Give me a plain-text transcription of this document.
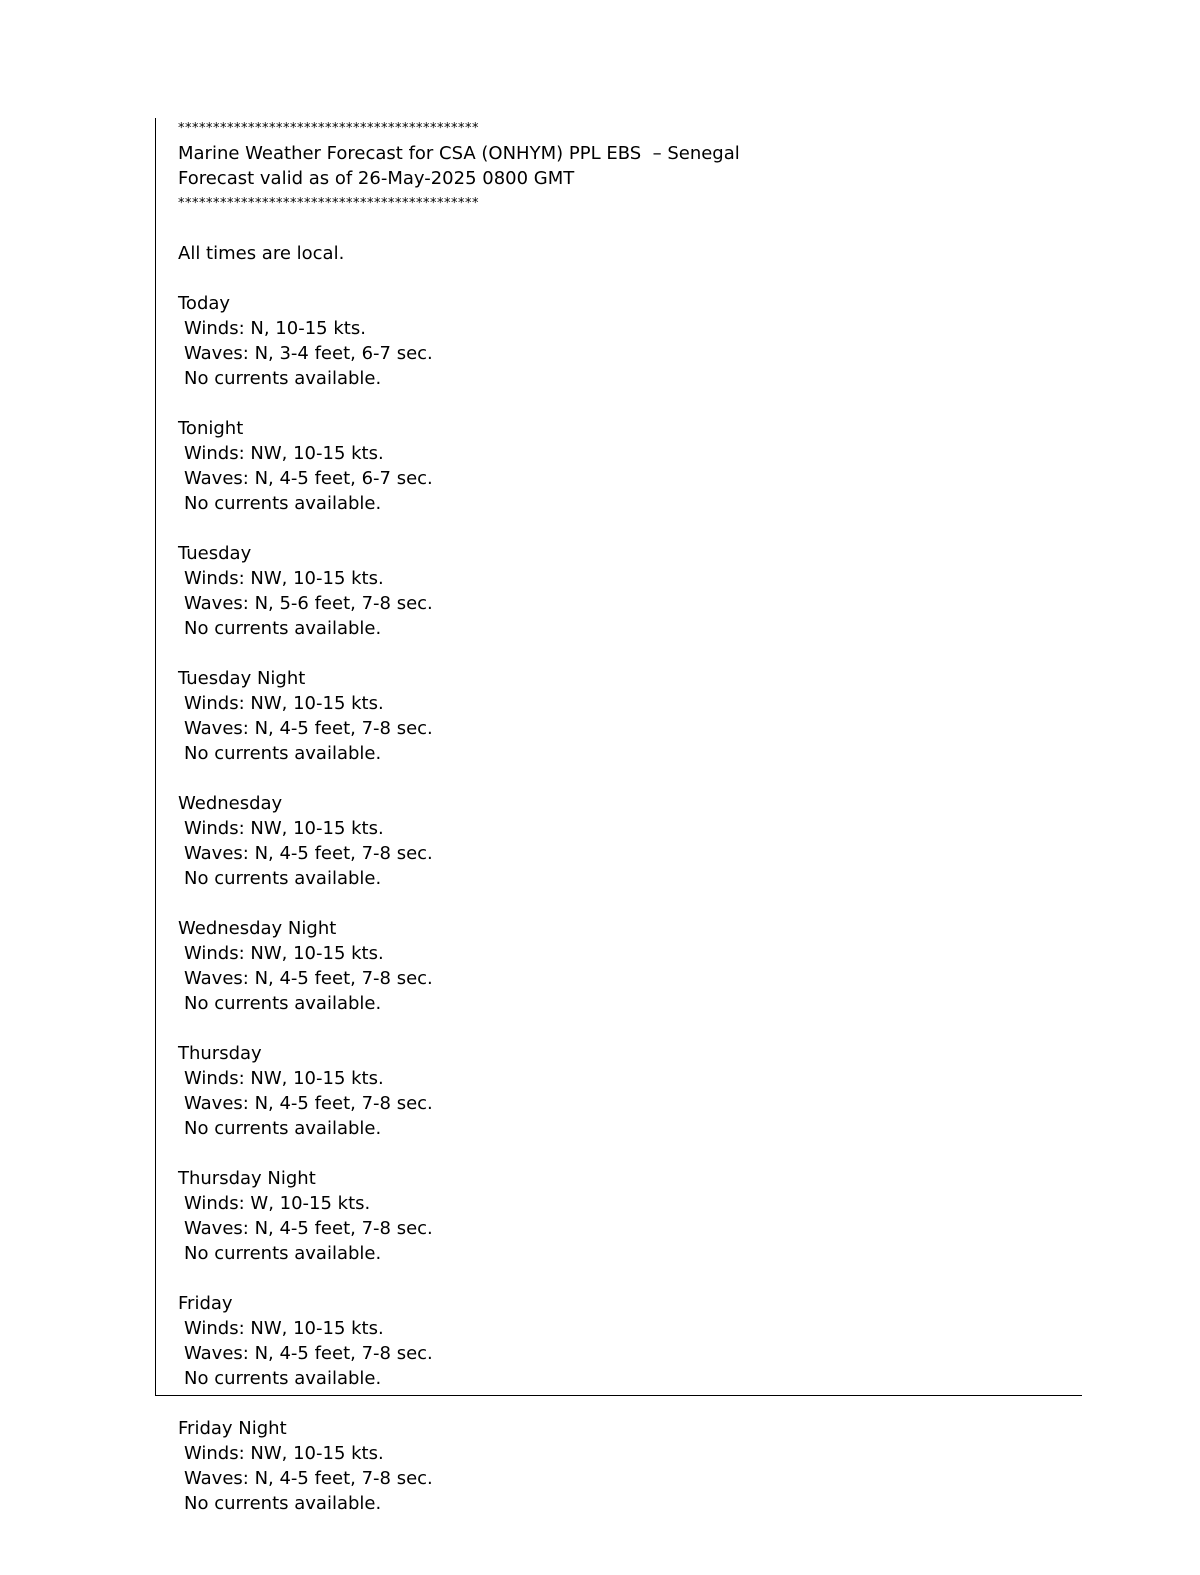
*******************************************
Marine Weather Forecast for CSA (ONHYM) PPL EBS  – Senegal
Forecast valid as of 26-May-2025 0800 GMT
*******************************************
All times are local.
Today
Winds: N, 10-15 kts.
Waves: N, 3-4 feet, 6-7 sec.
No currents available.
Tonight
Winds: NW, 10-15 kts.
Waves: N, 4-5 feet, 6-7 sec.
No currents available.
Tuesday
Winds: NW, 10-15 kts.
Waves: N, 5-6 feet, 7-8 sec.
No currents available.
Tuesday Night
Winds: NW, 10-15 kts.
Waves: N, 4-5 feet, 7-8 sec.
No currents available.
Wednesday
Winds: NW, 10-15 kts.
Waves: N, 4-5 feet, 7-8 sec.
No currents available.
Wednesday Night
Winds: NW, 10-15 kts.
Waves: N, 4-5 feet, 7-8 sec.
No currents available.
Thursday
Winds: NW, 10-15 kts.
Waves: N, 4-5 feet, 7-8 sec.
No currents available.
Thursday Night
Winds: W, 10-15 kts.
Waves: N, 4-5 feet, 7-8 sec.
No currents available.
Friday
Winds: NW, 10-15 kts.
Waves: N, 4-5 feet, 7-8 sec.
No currents available.
Friday Night
Winds: NW, 10-15 kts.
Waves: N, 4-5 feet, 7-8 sec.
No currents available.
